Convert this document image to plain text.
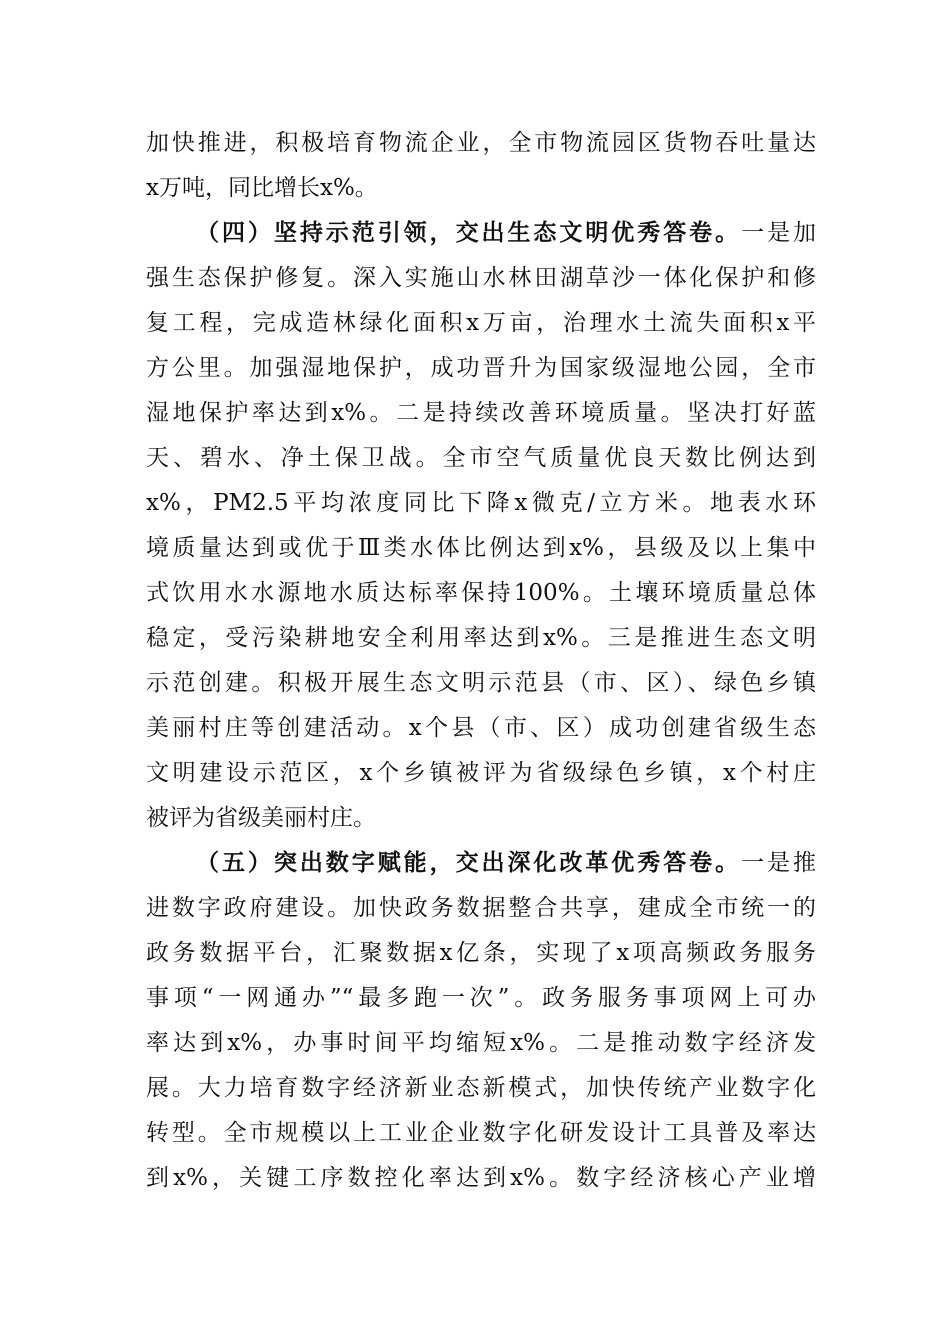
加快推进，积极培育物流企业，全市物流园区货物吞吐量达
x万吨，同比增长x%。
（四）坚持示范引领，交出生态文明优秀答卷。一是加
强生态保护修复。深入实施山水林田湖草沙一体化保护和修
复工程，完成造林绿化面积x万亩，治理水土流失面积x平
方公里。加强湿地保护，成功晋升为国家级湿地公园，全市
湿地保护率达到x%。二是持续改善环境质量。坚决打好蓝
天、碧水、净土保卫战。全市空气质量优良天数比例达到
x%，PM2.5平均浓度同比下降x微克/立方米。地表水环
境质量达到或优于Ⅲ类水体比例达到x%，县级及以上集中
式饮用水水源地水质达标率保持100%。土壤环境质量总体
稳定，受污染耕地安全利用率达到x%。三是推进生态文明
示范创建。积极开展生态文明示范县（市、区）、绿色乡镇
美丽村庄等创建活动。x个县（市、区）成功创建省级生态
文明建设示范区，x个乡镇被评为省级绿色乡镇，x个村庄
被评为省级美丽村庄。
（五）突出数字赋能，交出深化改革优秀答卷。一是推
进数字政府建设。加快政务数据整合共享，建成全市统一的
政务数据平台，汇聚数据x亿条，实现了x项高频政务服务
事项“一网通办”“最多跑一次”。政务服务事项网上可办
率达到x%，办事时间平均缩短x%。二是推动数字经济发
展。大力培育数字经济新业态新模式，加快传统产业数字化
转型。全市规模以上工业企业数字化研发设计工具普及率达
到x%，关键工序数控化率达到x%。数字经济核心产业增
